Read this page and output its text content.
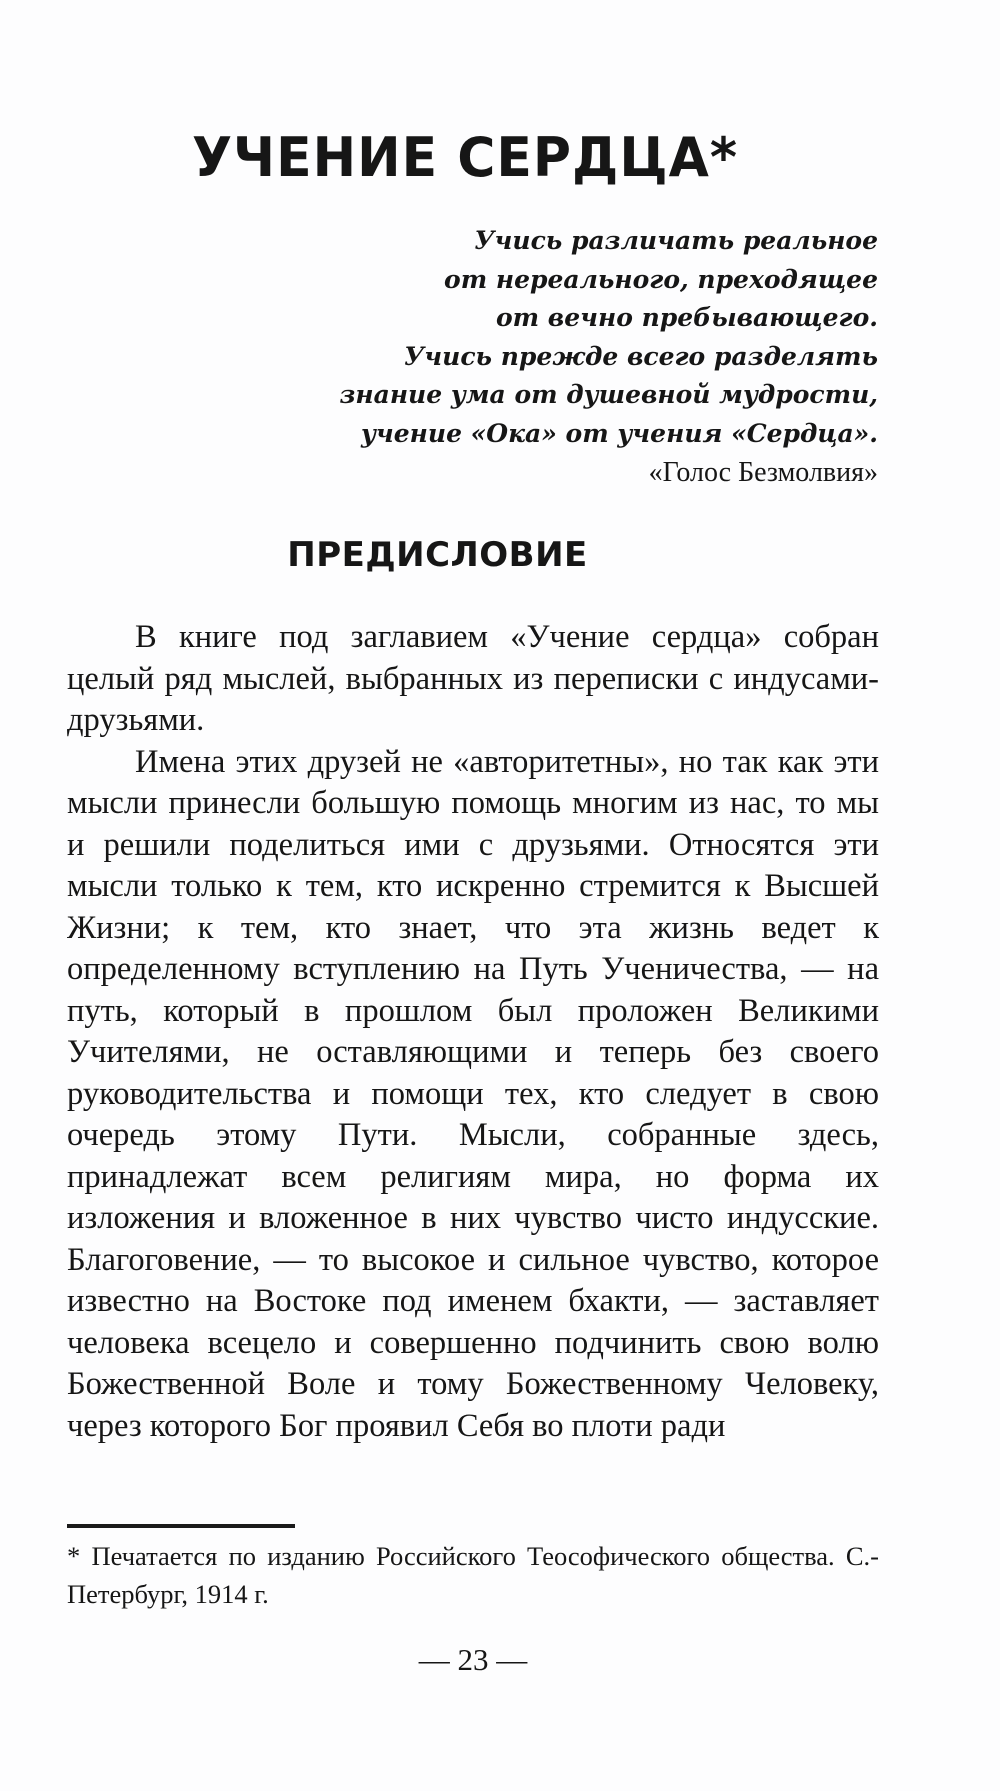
УЧЕНИЕ СЕРДЦА*
Учись различать реальное
от нереального, преходящее
от вечно пребывающего.
Учись прежде всего разделять
знание ума от душевной мудрости,
учение «Ока» от учения «Сердца».
«Голос Безмолвия»
ПРЕДИСЛОВИЕ

В книге под заглавием «Учение сердца» собран целый ряд мыслей, выбранных из переписки с индусами-друзьями.

Имена этих друзей не «авторитетны», но так как эти мысли принесли большую помощь многим из нас, то мы и решили поделиться ими с друзьями. Относятся эти мысли только к тем, кто искренно стремится к Высшей Жизни; к тем, кто знает, что эта жизнь ведет к определенному вступлению на Путь Ученичества, — на путь, который в прошлом был проложен Великими Учителями, не оставляющими и теперь без своего руководительства и помощи тех, кто следует в свою очередь этому Пути. Мысли, собранные здесь, принадлежат всем религиям мира, но форма их изложения и вложенное в них чувство чисто индусские. Благоговение, — то высокое и сильное чувство, которое известно на Востоке под именем бхакти, — заставляет человека всецело и совершенно подчинить свою волю Божественной Воле и тому Божественному Человеку, через которого Бог проявил Себя во плоти ради

* Печатается по изданию Российского Теософического общества. С.-Петербург, 1914 г.
— 23 —
